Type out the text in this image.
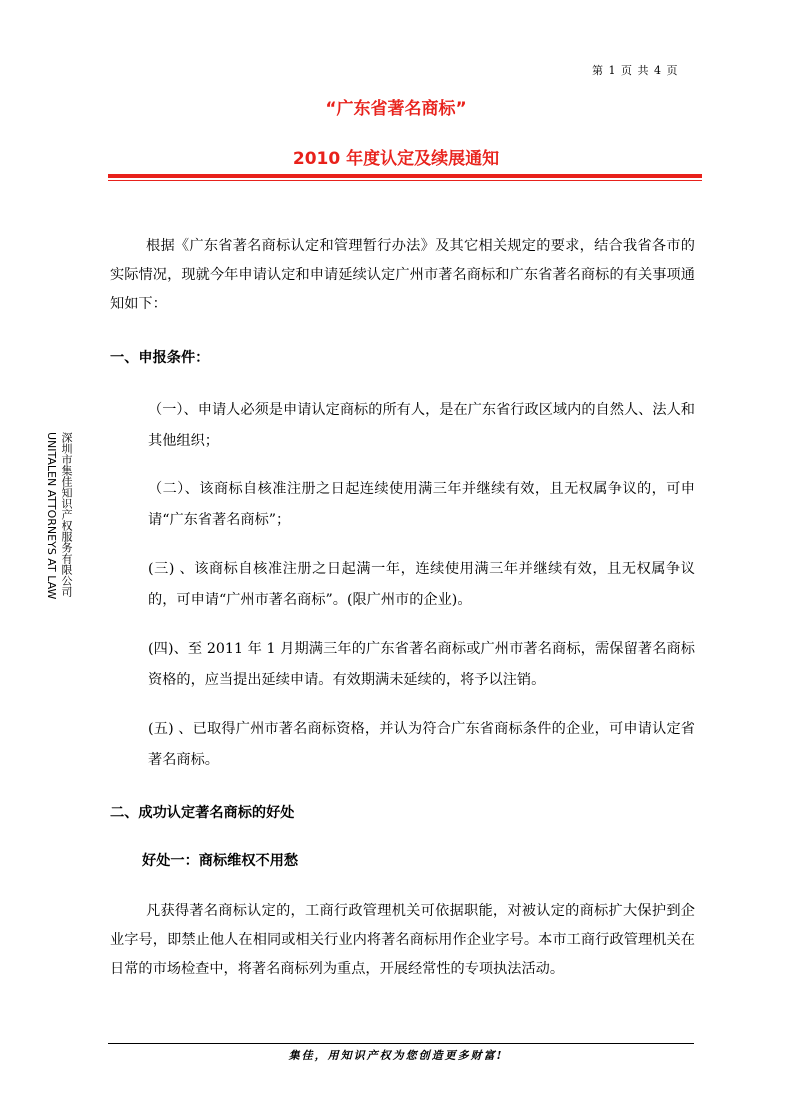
第 1 页 共 4 页
“广东省著名商标”
2010 年度认定及续展通知
深圳市集佳知识产权服务有限公司
UNITALEN ATTORNEYS AT LAW

根据《广东省著名商标认定和管理暂行办法》及其它相关规定的要求，结合我省各市的实际情况，现就今年申请认定和申请延续认定广州市著名商标和广东省著名商标的有关事项通知如下：

一、申报条件：

（一）、申请人必须是申请认定商标的所有人，是在广东省行政区域内的自然人、法人和其他组织；

（二）、该商标自核准注册之日起连续使用满三年并继续有效，且无权属争议的，可申请“广东省著名商标”；

(三) 、该商标自核准注册之日起满一年，连续使用满三年并继续有效，且无权属争议的，可申请“广州市著名商标”。(限广州市的企业)。

(四)、至 2011 年 1 月期满三年的广东省著名商标或广州市著名商标，需保留著名商标资格的，应当提出延续申请。有效期满未延续的，将予以注销。

(五) 、已取得广州市著名商标资格，并认为符合广东省商标条件的企业，可申请认定省著名商标。

二、成功认定著名商标的好处
好处一：商标维权不用愁

凡获得著名商标认定的，工商行政管理机关可依据职能，对被认定的商标扩大保护到企业字号，即禁止他人在相同或相关行业内将著名商标用作企业字号。本市工商行政管理机关在日常的市场检查中，将著名商标列为重点，开展经常性的专项执法活动。

集佳，用知识产权为您创造更多财富!
